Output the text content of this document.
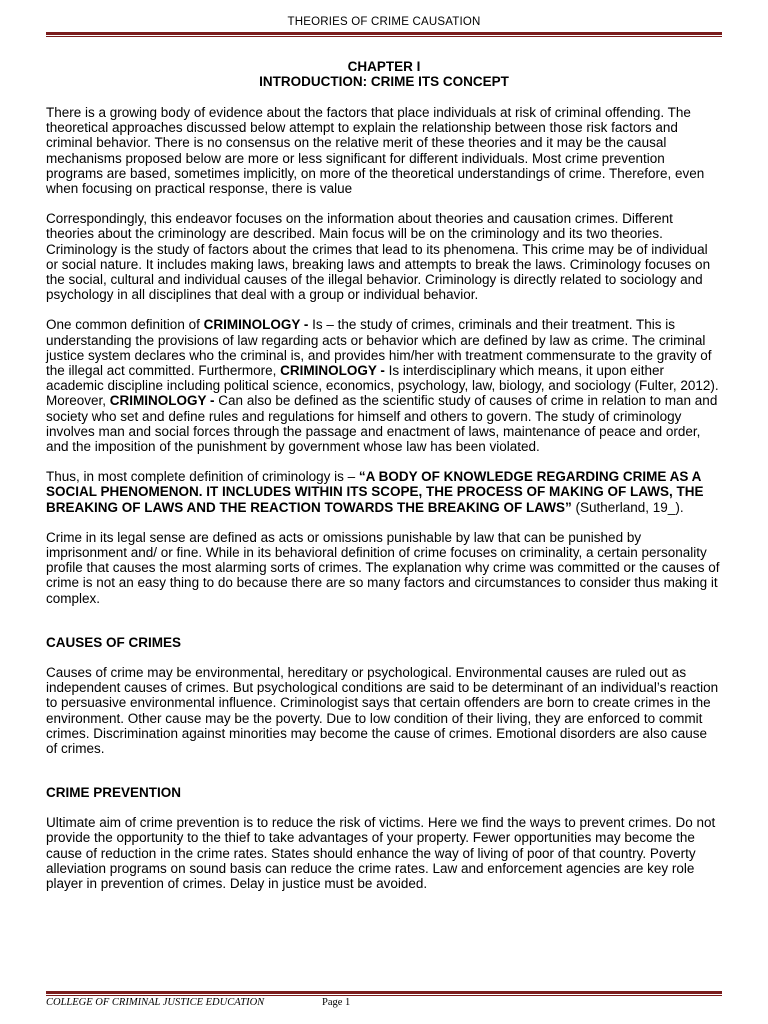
THEORIES OF CRIME CAUSATION
CHAPTER I
INTRODUCTION: CRIME ITS CONCEPT

There is a growing body of evidence about the factors that place individuals at risk of criminal offending. The theoretical approaches discussed below attempt to explain the relationship between those risk factors and criminal behavior. There is no consensus on the relative merit of these theories and it may be the causal mechanisms proposed below are more or less significant for different individuals. Most crime prevention programs are based, sometimes implicitly, on more of the theoretical understandings of crime. Therefore, even when focusing on practical response, there is value

Correspondingly, this endeavor focuses on the information about theories and causation crimes. Different theories about the criminology are described. Main focus will be on the criminology and its two theories. Criminology is the study of factors about the crimes that lead to its phenomena. This crime may be of individual or social nature. It includes making laws, breaking laws and attempts to break the laws. Criminology focuses on the social, cultural and individual causes of the illegal behavior. Criminology is directly related to sociology and psychology in all disciplines that deal with a group or individual behavior.

One common definition of CRIMINOLOGY - Is – the study of crimes, criminals and their treatment. This is understanding the provisions of law regarding acts or behavior which are defined by law as crime. The criminal justice system declares who the criminal is, and provides him/her with treatment commensurate to the gravity of the illegal act committed. Furthermore, CRIMINOLOGY - Is interdisciplinary which means, it upon either academic discipline including political science, economics, psychology, law, biology, and sociology (Fulter, 2012). Moreover, CRIMINOLOGY - Can also be defined as the scientific study of causes of crime in relation to man and society who set and define rules and regulations for himself and others to govern. The study of criminology involves man and social forces through the passage and enactment of laws, maintenance of peace and order, and the imposition of the punishment by government whose law has been violated.

Thus, in most complete definition of criminology is – “A BODY OF KNOWLEDGE REGARDING CRIME AS A SOCIAL PHENOMENON. IT INCLUDES WITHIN ITS SCOPE, THE PROCESS OF MAKING OF LAWS, THE BREAKING OF LAWS AND THE REACTION TOWARDS THE BREAKING OF LAWS” (Sutherland, 19_).

Crime in its legal sense are defined as acts or omissions punishable by law that can be punished by imprisonment and/ or fine. While in its behavioral definition of crime focuses on criminality, a certain personality profile that causes the most alarming sorts of crimes. The explanation why crime was committed or the causes of crime is not an easy thing to do because there are so many factors and circumstances to consider thus making it complex.

CAUSES OF CRIMES

Causes of crime may be environmental, hereditary or psychological. Environmental causes are ruled out as independent causes of crimes. But psychological conditions are said to be determinant of an individual’s reaction to persuasive environmental influence. Criminologist says that certain offenders are born to create crimes in the environment. Other cause may be the poverty. Due to low condition of their living, they are enforced to commit crimes. Discrimination against minorities may become the cause of crimes. Emotional disorders are also cause of crimes.

CRIME PREVENTION

Ultimate aim of crime prevention is to reduce the risk of victims. Here we find the ways to prevent crimes. Do not provide the opportunity to the thief to take advantages of your property. Fewer opportunities may become the cause of reduction in the crime rates. States should enhance the way of living of poor of that country. Poverty alleviation programs on sound basis can reduce the crime rates. Law and enforcement agencies are key role player in prevention of crimes. Delay in justice must be avoided.

COLLEGE OF CRIMINAL JUSTICE EDUCATION	Page 1
